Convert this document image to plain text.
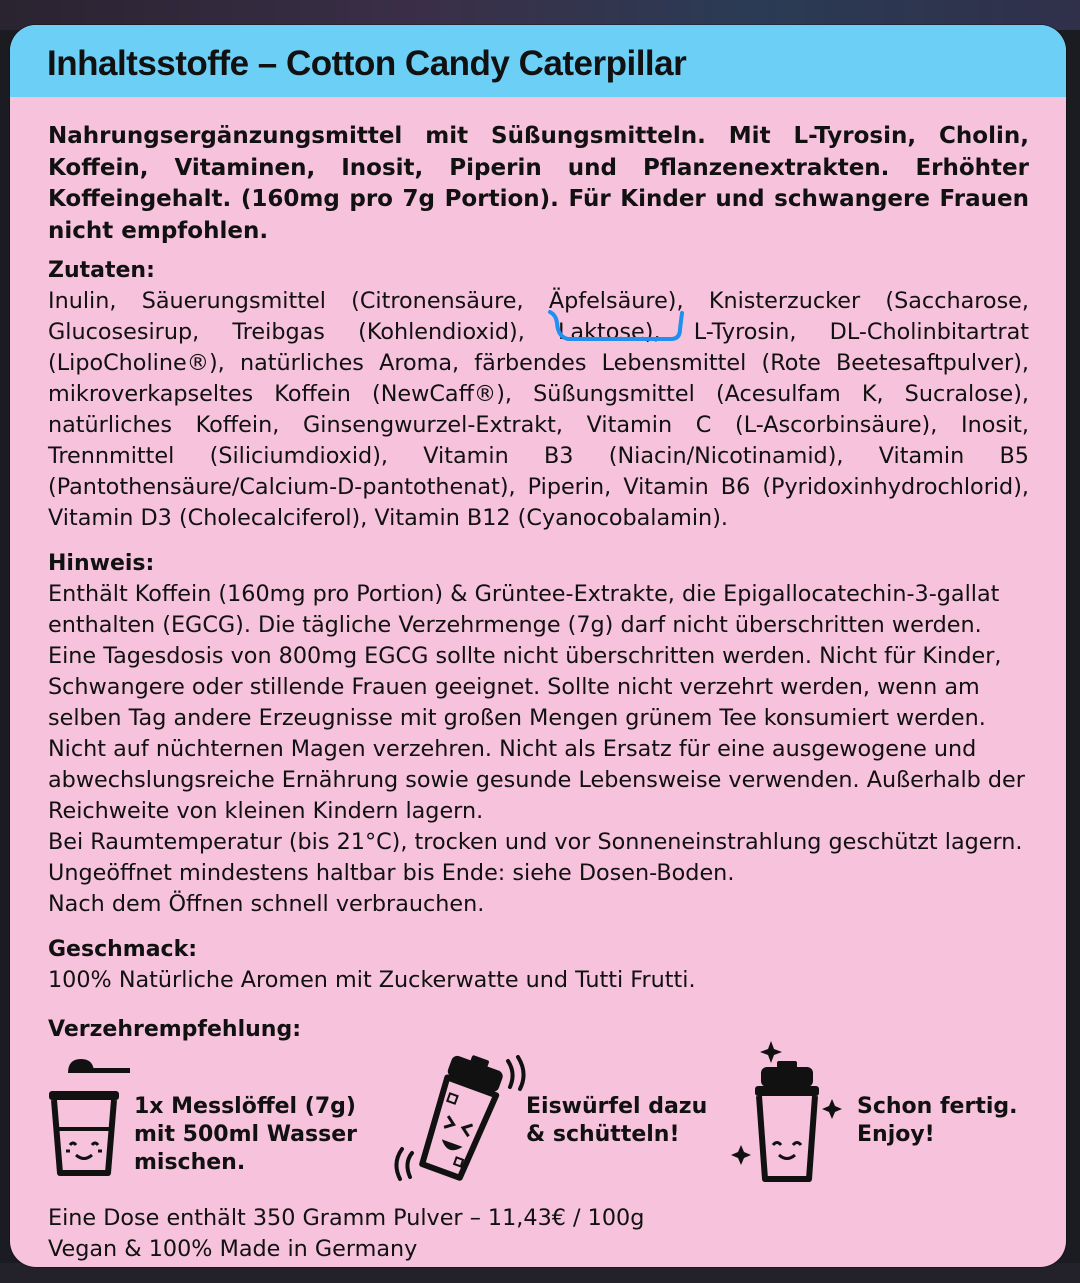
Inhaltsstoffe – Cotton Candy Caterpillar

Nahrungsergänzungsmittel mit Süßungsmitteln. Mit L-Tyrosin, Cholin, Koffein, Vitaminen, Inosit, Piperin und Pflanzenextrakten. Erhöhter Koffeingehalt. (160mg pro 7g Portion). Für Kinder und schwangere Frauen nicht empfohlen.

Zutaten:

Inulin, Säuerungsmittel (Citronensäure, Äpfelsäure), Knisterzucker (Saccharose, Glucosesirup, Treibgas (Kohlendioxid), Laktose),
L-Tyrosin, DL-Cholinbitartrat (LipoCholine®), natürliches Aroma, färbendes Lebensmittel (Rote Beetesaftpulver), mikroverkapseltes Koffein (NewCaff®), Süßungsmittel (Acesulfam K, Sucralose), natürliches Koffein, Ginsengwurzel-Extrakt, Vitamin C (L-Ascorbinsäure), Inosit, Trennmittel (Siliciumdioxid), Vitamin B3 (Niacin/Nicotinamid), Vitamin B5 (Pantothensäure/Calcium-D-pantothenat), Piperin, Vitamin B6 (Pyridoxinhydrochlorid), Vitamin D3 (Cholecalciferol), Vitamin B12 (Cyanocobalamin).

Hinweis:

Enthält Koffein (160mg pro Portion) & Grüntee-Extrakte, die Epigallocatechin-3-gallat enthalten (EGCG). Die tägliche Verzehrmenge (7g) darf nicht überschritten werden. Eine Tagesdosis von 800mg EGCG sollte nicht überschritten werden. Nicht für Kinder, Schwangere oder stillende Frauen geeignet. Sollte nicht verzehrt werden, wenn am selben Tag andere Erzeugnisse mit großen Mengen grünem Tee konsumiert werden. Nicht auf nüchternen Magen verzehren. Nicht als Ersatz für eine ausgewogene und abwechslungsreiche Ernährung sowie gesunde Lebensweise verwenden. Außerhalb der Reichweite von kleinen Kindern lagern.

Bei Raumtemperatur (bis 21°C), trocken und vor Sonneneinstrahlung geschützt lagern.

Ungeöffnet mindestens haltbar bis Ende: siehe Dosen-Boden.

Nach dem Öffnen schnell verbrauchen.

Geschmack:

100% Natürliche Aromen mit Zuckerwatte und Tutti Frutti.

Verzehrempfehlung:

1x Messlöffel (7g)
mit 500ml Wasser
mischen.
Eiswürfel dazu
& schütteln!
Schon fertig.
Enjoy!

Eine Dose enthält 350 Gramm Pulver – 11,43€ / 100g

Vegan & 100% Made in Germany
